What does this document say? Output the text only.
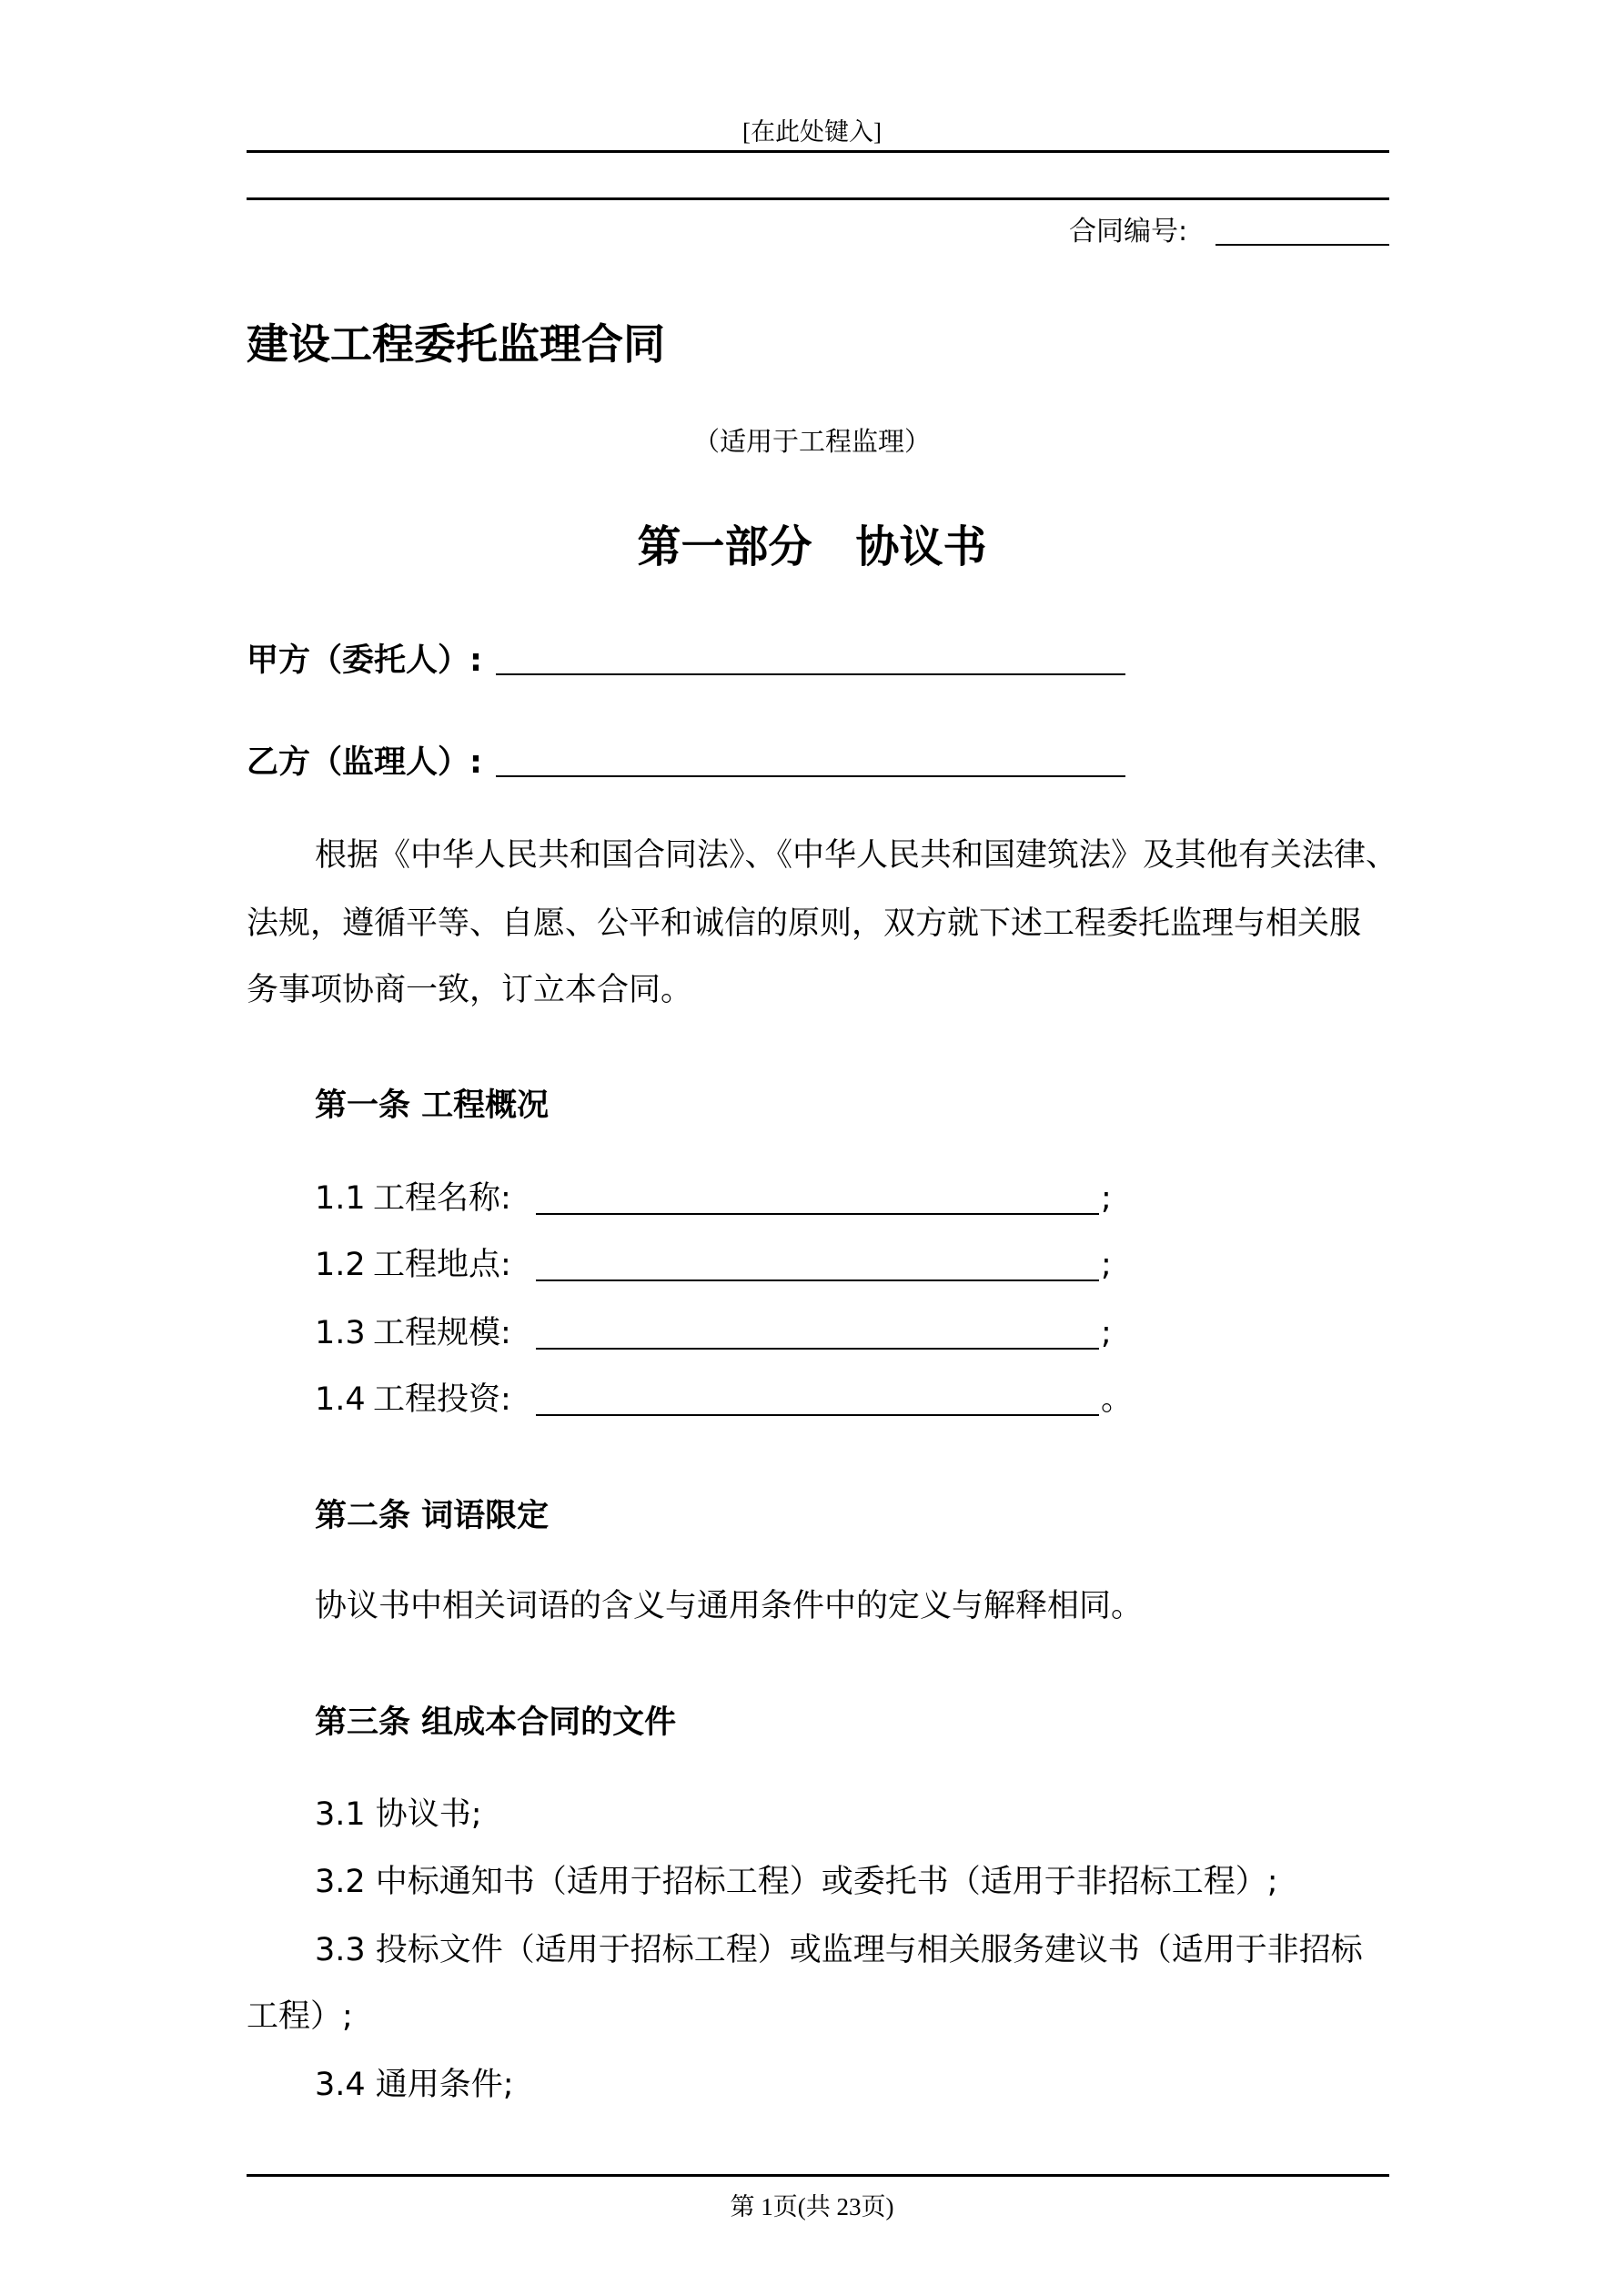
[在此处键入]
合同编号:
建设工程委托监理合同
（适用于工程监理）
第一部分　协议书
甲方（委托人）:
乙方（监理人）:
根据《中华人民共和国合同法》、《中华人民共和国建筑法》及其他有关法律、
法规，遵循平等、自愿、公平和诚信的原则，双方就下述工程委托监理与相关服
务事项协商一致，订立本合同。
第一条 工程概况
1.1 工程名称:	;
1.2 工程地点:	;
1.3 工程规模:	;
1.4 工程投资:	。
第二条 词语限定
协议书中相关词语的含义与通用条件中的定义与解释相同。
第三条 组成本合同的文件
3.1 协议书;
3.2 中标通知书（适用于招标工程）或委托书（适用于非招标工程）;
3.3 投标文件（适用于招标工程）或监理与相关服务建议书（适用于非招标
工程）;
3.4 通用条件;
第 1页(共 23页)
